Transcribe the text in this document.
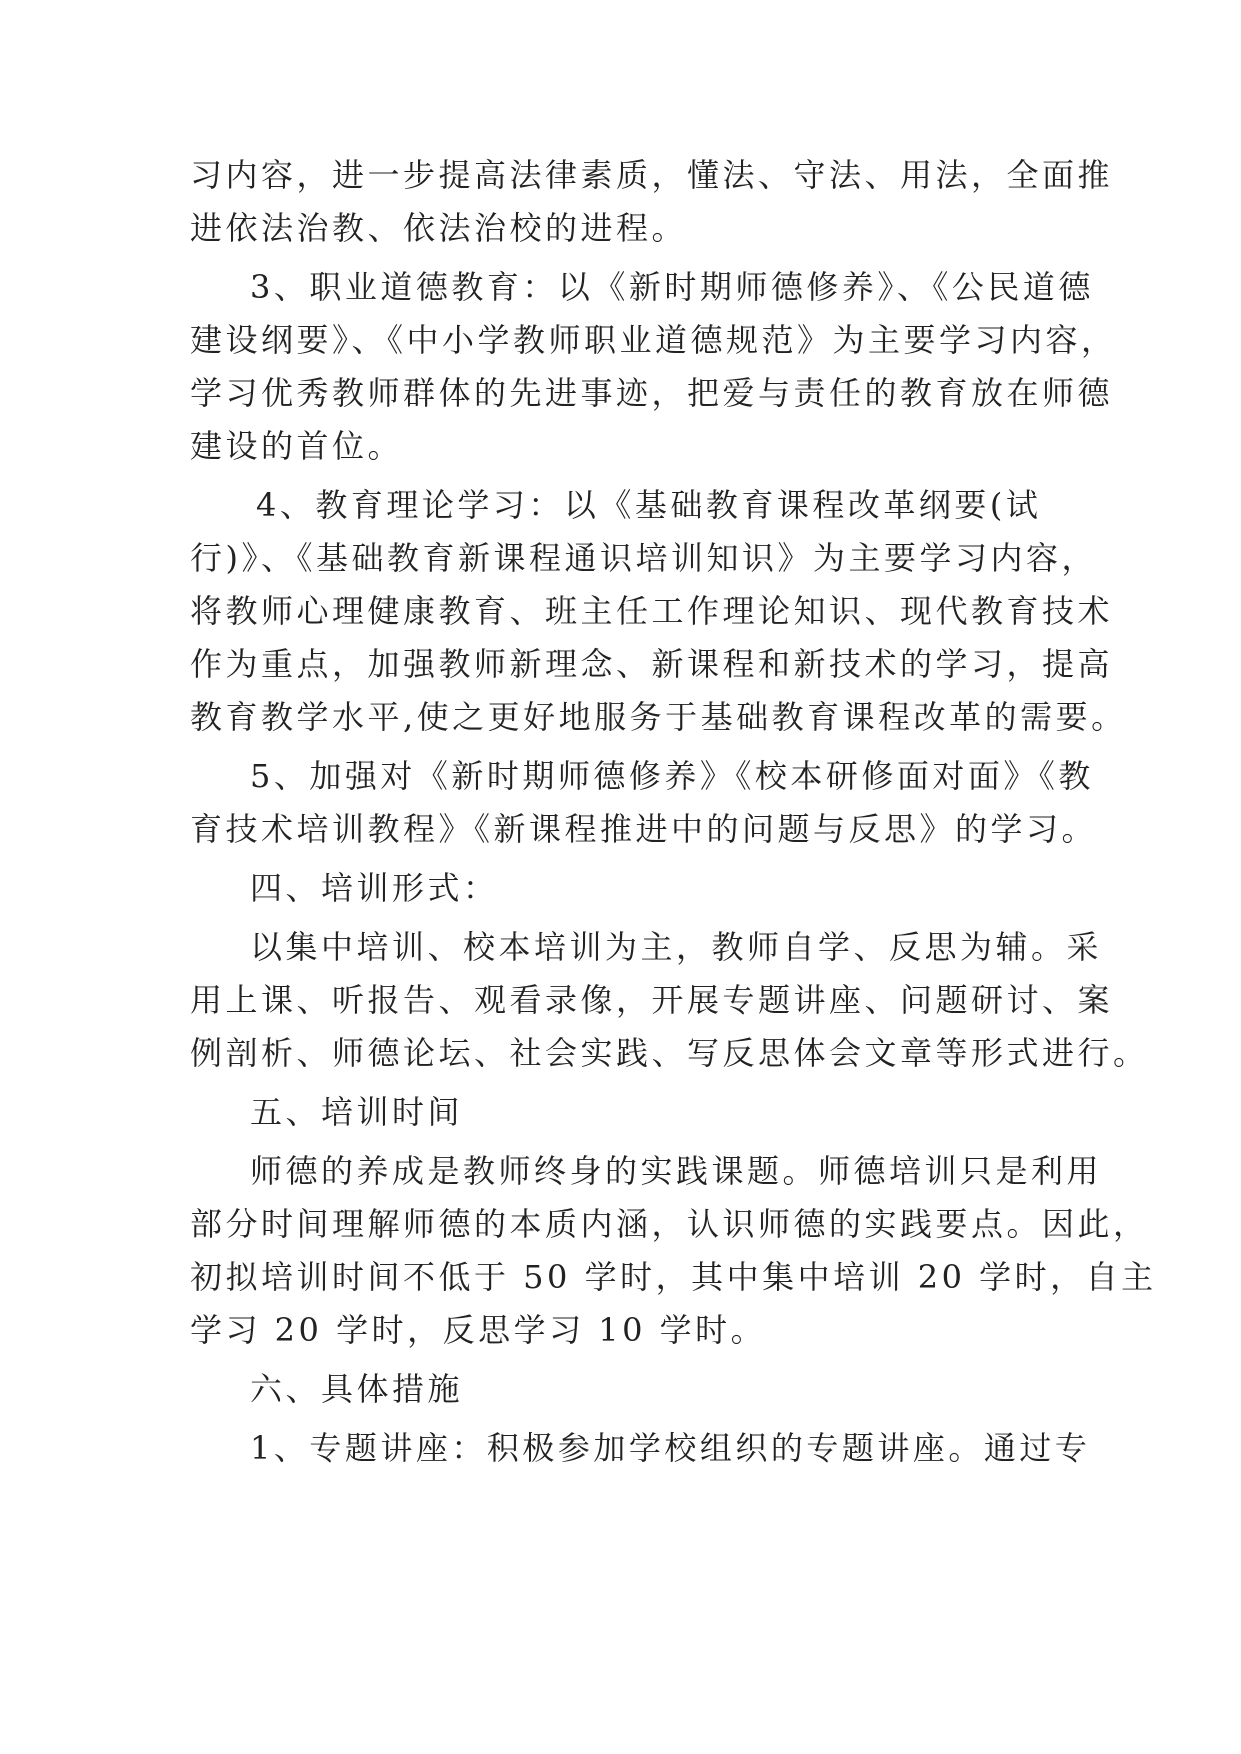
习内容，进一步提高法律素质，懂法、守法、用法，全面推
进依法治教、依法治校的进程。
3、职业道德教育：以《新时期师德修养》、《公民道德
建设纲要》、《中小学教师职业道德规范》为主要学习内容，
学习优秀教师群体的先进事迹，把爱与责任的教育放在师德
建设的首位。
4、教育理论学习：以《基础教育课程改革纲要(试
行)》、《基础教育新课程通识培训知识》为主要学习内容，
将教师心理健康教育、班主任工作理论知识、现代教育技术
作为重点，加强教师新理念、新课程和新技术的学习，提高
教育教学水平,使之更好地服务于基础教育课程改革的需要。
5、加强对《新时期师德修养》《校本研修面对面》《教
育技术培训教程》《新课程推进中的问题与反思》的学习。
四、培训形式：
以集中培训、校本培训为主，教师自学、反思为辅。采
用上课、听报告、观看录像，开展专题讲座、问题研讨、案
例剖析、师德论坛、社会实践、写反思体会文章等形式进行。
五、培训时间
师德的养成是教师终身的实践课题。师德培训只是利用
部分时间理解师德的本质内涵，认识师德的实践要点。因此，
初拟培训时间不低于 50 学时，其中集中培训 20 学时，自主
学习 20 学时，反思学习 10 学时。
六、具体措施
1、专题讲座：积极参加学校组织的专题讲座。通过专
